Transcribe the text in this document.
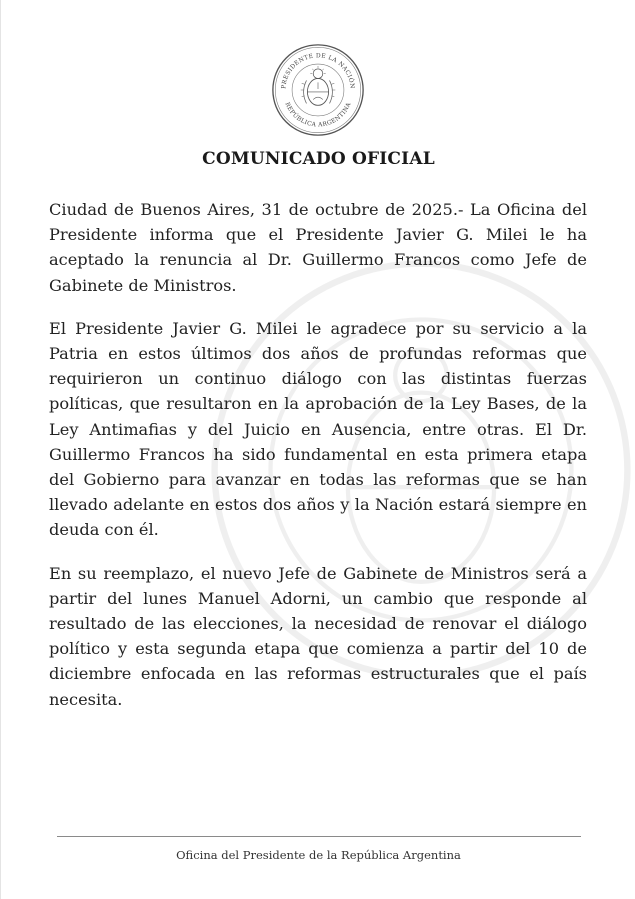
PRESIDENTE DE LA NACIÓN
REPÚBLICA ARGENTINA
COMUNICADO OFICIAL

Ciudad de Buenos Aires, 31 de octubre de 2025.- La Oficina del Presidente informa que el Presidente Javier G. Milei le ha aceptado la renuncia al Dr. Guillermo Francos como Jefe de Gabinete de Ministros.

El Presidente Javier G. Milei le agradece por su servicio a la Patria en estos últimos dos años de profundas reformas que requirieron un continuo diálogo con las distintas fuerzas políticas, que resultaron en la aprobación de la Ley Bases, de la Ley Antimafias y del Juicio en Ausencia, entre otras. El Dr. Guillermo Francos ha sido fundamental en esta primera etapa del Gobierno para avanzar en todas las reformas que se han llevado adelante en estos dos años y la Nación estará siempre en deuda con él.

En su reemplazo, el nuevo Jefe de Gabinete de Ministros será a partir del lunes Manuel Adorni, un cambio que responde al resultado de las elecciones, la necesidad de renovar el diálogo político y esta segunda etapa que comienza a partir del 10 de diciembre enfocada en las reformas estructurales que el país necesita.

Oficina del Presidente de la República Argentina
